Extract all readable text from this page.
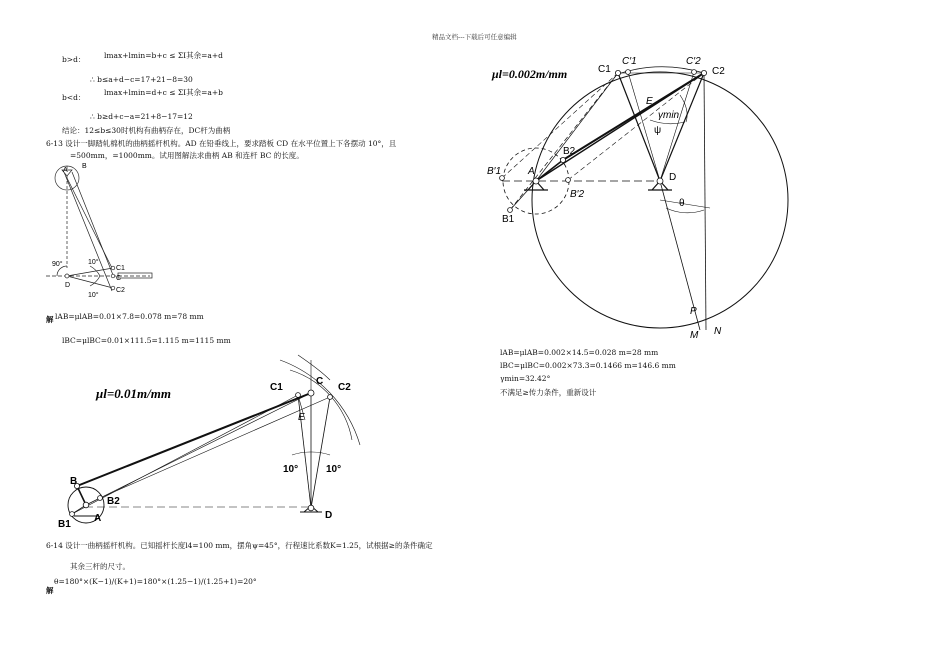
精品文档---下载后可任意编辑
b>d： lmax+lmin=b+c ≤ ΣI其余=a+d
∴ b≤a+d−c=17+21−8=30
b<d：
lmax+lmin=d+c ≤ ΣI其余=a+b
∴ b≥d+c−a=21+8−17=12
结论：12≤b≤30时机构有曲柄存在，DC杆为曲柄
6-13 设计一脚踏轧棉机的曲柄摇杆机构。AD 在铅垂线上，要求踏板 CD 在水平位置上下各摆动 10°，且
=500mm，=1000mm。试用图解法求曲柄 AB 和连杆 BC 的长度。
A
B
D
C1
C
C2
90°	10°
10°
解 lAB=μlAB=0.01×7.8=0.078 m=78 mm
lBC=μlBC=0.01×111.5=1.115 m=1115 mm
μl=0.01m/mm	C1
C
C2
E
B
B2
B1
A	D
10°	10°
6-14 设计一曲柄摇杆机构。已知摇杆长度l4=100 mm，摆角ψ=45°，行程速比系数K=1.25，试根据≥的条件确定
其余三杆的尺寸。
解
θ=180°×(K−1)/(K+1)=180°×(1.25−1)/(1.25+1)=20°
μl=0.002m/mm	C1
C′1	C′2
C2
E
γmin
ψ
B′1	A
B2
B′2
D
B1
θ
P
M N
lAB=μlAB=0.002×14.5=0.028 m=28 mm
lBC=μlBC=0.002×73.3=0.1466 m=146.6 mm
γmin=32.42°
不满足≥传力条件，重新设计
